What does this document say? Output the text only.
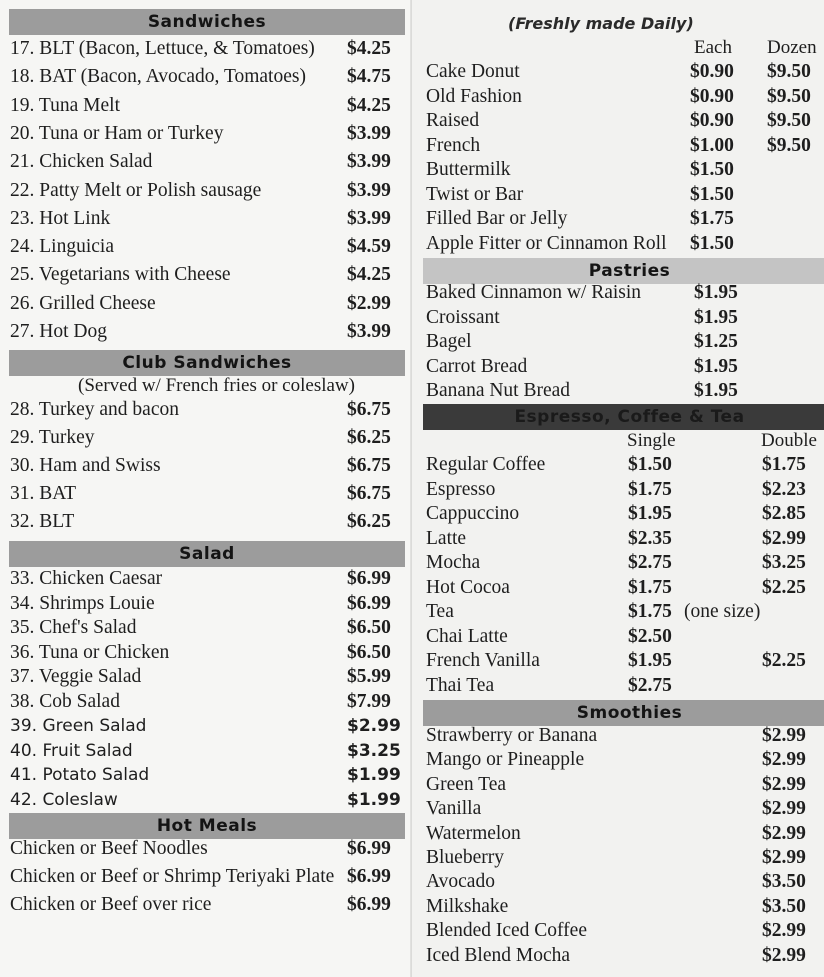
Sandwiches
17. BLT (Bacon, Lettuce, & Tomatoes) $4.25
18. BAT (Bacon, Avocado, Tomatoes) $4.75
19. Tuna Melt	$4.25
20. Tuna or Ham or Turkey	$3.99
21. Chicken Salad	$3.99
22. Patty Melt or Polish sausage	$3.99
23. Hot Link	$3.99
24. Linguicia	$4.59
25. Vegetarians with Cheese	$4.25
26. Grilled Cheese	$2.99
27. Hot Dog	$3.99
Club Sandwiches
(Served w/ French fries or coleslaw)
28. Turkey and bacon	$6.75
29. Turkey	$6.25
30. Ham and Swiss	$6.75
31. BAT	$6.75
32. BLT	$6.25
Salad
33. Chicken Caesar	$6.99
34. Shrimps Louie	$6.99
35. Chef's Salad	$6.50
36. Tuna or Chicken	$6.50
37. Veggie Salad	$5.99
38. Cob Salad	$7.99
39. Green Salad	$2.99
40. Fruit Salad	$3.25
41. Potato Salad	$1.99
42. Coleslaw	$1.99
Hot Meals
Chicken or Beef Noodles	$6.99
Chicken or Beef or Shrimp Teriyaki Plate $6.99
Chicken or Beef over rice	$6.99
(Freshly made Daily)
Each Dozen
Cake Donut	$0.90 $9.50
Old Fashion	$0.90 $9.50
Raised	$0.90 $9.50
French	$1.00 $9.50
Buttermilk	$1.50
Twist or Bar	$1.50
Filled Bar or Jelly	$1.75
Apple Fitter or Cinnamon Roll $1.50
Pastries
Baked Cinnamon w/ Raisin	$1.95
Croissant	$1.95
Bagel	$1.25
Carrot Bread	$1.95
Banana Nut Bread	$1.95
Espresso, Coffee & Tea
Single	Double
Regular Coffee	$1.50	$1.75
Espresso	$1.75	$2.23
Cappuccino	$1.95	$2.85
Latte	$2.35	$2.99
Mocha	$2.75	$3.25
Hot Cocoa	$1.75	$2.25
Tea	$1.75 (one size)
Chai Latte	$2.50
French Vanilla	$1.95	$2.25
Thai Tea	$2.75
Smoothies
Strawberry or Banana	$2.99
Mango or Pineapple	$2.99
Green Tea	$2.99
Vanilla	$2.99
Watermelon	$2.99
Blueberry	$2.99
Avocado	$3.50
Milkshake	$3.50
Blended Iced Coffee	$2.99
Iced Blend Mocha	$2.99
